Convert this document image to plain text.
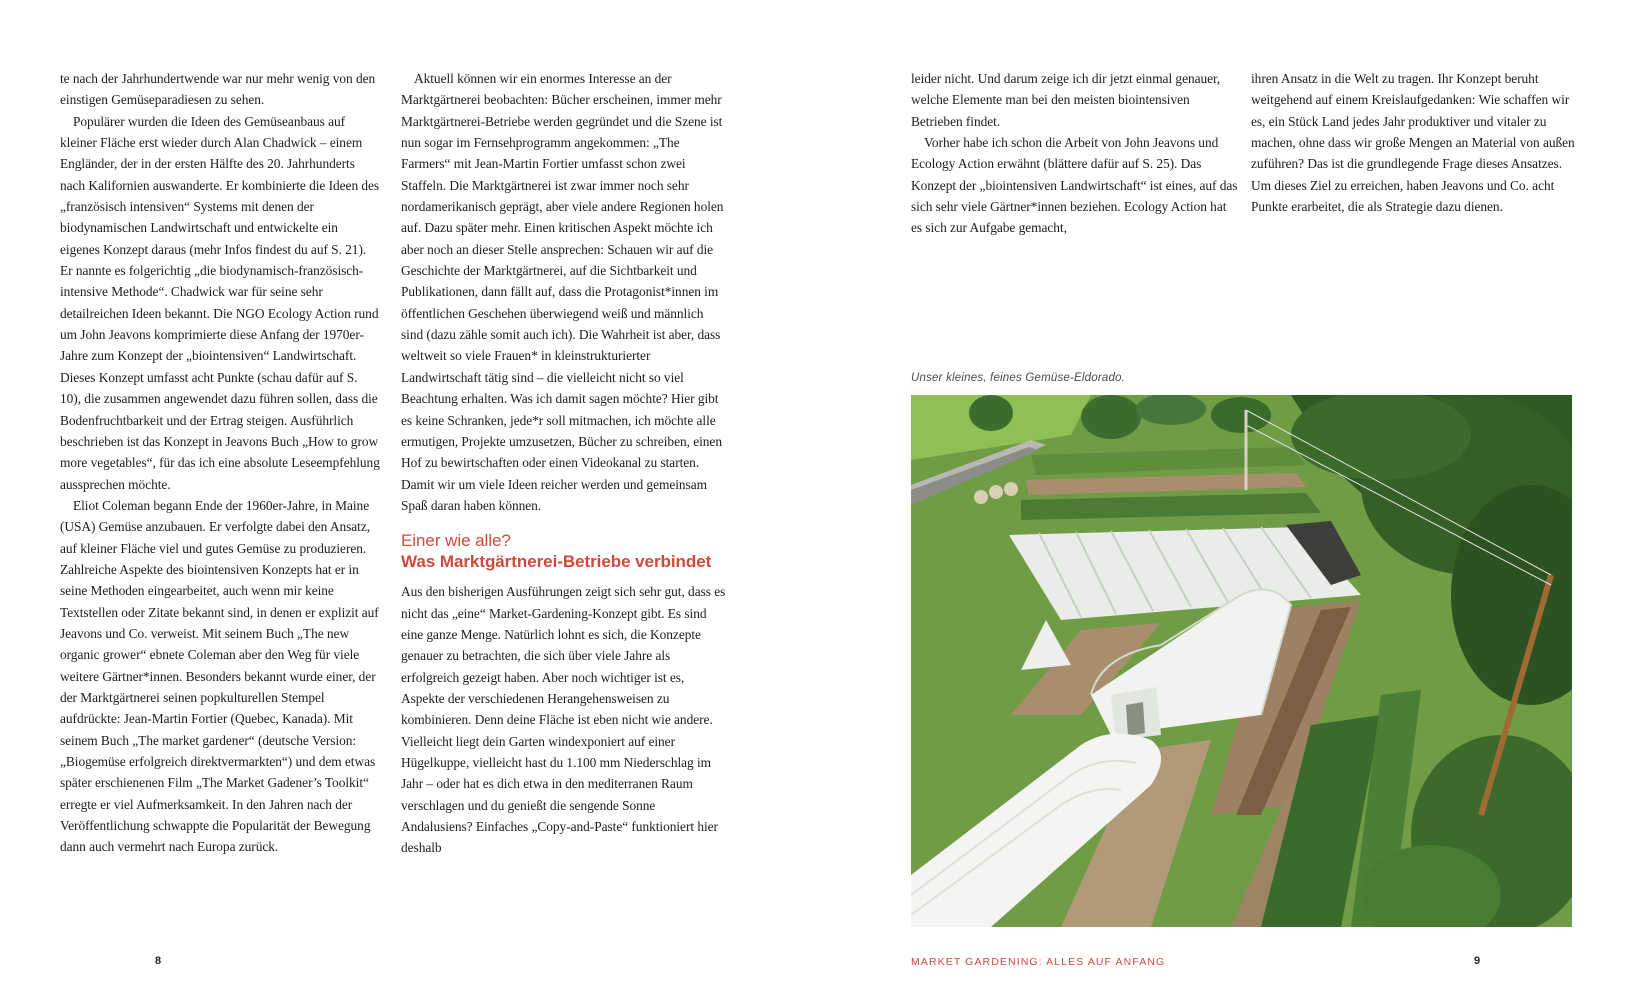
te nach der Jahrhundertwende war nur mehr wenig von den einstigen Gemüseparadiesen zu sehen.

Populärer wurden die Ideen des Gemüseanbaus auf kleiner Fläche erst wieder durch Alan Chadwick – einem Engländer, der in der ersten Hälfte des 20. Jahrhunderts nach Kalifornien auswanderte. Er kombinierte die Ideen des „französisch intensiven“ Systems mit denen der biodynamischen Landwirtschaft und entwickelte ein eigenes Konzept daraus (mehr Infos findest du auf S. 21). Er nannte es folgerichtig „die biodynamisch-französisch-intensive Methode“. Chadwick war für seine sehr detailreichen Ideen bekannt. Die NGO Ecology Action rund um John Jeavons komprimierte diese Anfang der 1970er-Jahre zum Konzept der „biointensiven“ Landwirtschaft. Dieses Konzept umfasst acht Punkte (schau dafür auf S. 10), die zusammen angewendet dazu führen sollen, dass die Bodenfruchtbarkeit und der Ertrag steigen. Ausführlich beschrieben ist das Konzept in Jeavons Buch „How to grow more vegetables“, für das ich eine absolute Leseempfehlung aussprechen möchte.

Eliot Coleman begann Ende der 1960er-Jahre, in Maine (USA) Gemüse anzubauen. Er verfolgte dabei den Ansatz, auf kleiner Fläche viel und gutes Gemüse zu produzieren. Zahlreiche Aspekte des biointensiven Konzepts hat er in seine Methoden eingearbeitet, auch wenn mir keine Textstellen oder Zitate bekannt sind, in denen er explizit auf Jeavons und Co. verweist. Mit seinem Buch „The new organic grower“ ebnete Coleman aber den Weg für viele weitere Gärtner*innen. Besonders bekannt wurde einer, der der Marktgärtnerei seinen popkulturellen Stempel aufdrückte: Jean-Martin Fortier (Quebec, Kanada). Mit seinem Buch „The market gardener“ (deutsche Version: „Biogemüse erfolgreich direktvermarkten“) und dem etwas später erschienenen Film „The Market Gadener’s Toolkit“ erregte er viel Aufmerksamkeit. In den Jahren nach der Veröffentlichung schwappte die Popularität der Bewegung dann auch vermehrt nach Europa zurück.

Aktuell können wir ein enormes Interesse an der Marktgärtnerei beobachten: Bücher erscheinen, immer mehr Marktgärtnerei-Betriebe werden gegründet und die Szene ist nun sogar im Fernsehprogramm angekommen: „The Farmers“ mit Jean-Martin Fortier umfasst schon zwei Staffeln. Die Marktgärtnerei ist zwar immer noch sehr nordamerikanisch geprägt, aber viele andere Regionen holen auf. Dazu später mehr. Einen kritischen Aspekt möchte ich aber noch an dieser Stelle ansprechen: Schauen wir auf die Geschichte der Marktgärtnerei, auf die Sichtbarkeit und Publikationen, dann fällt auf, dass die Protagonist*innen im öffentlichen Geschehen überwiegend weiß und männlich sind (dazu zähle somit auch ich). Die Wahrheit ist aber, dass weltweit so viele Frauen* in kleinstrukturierter Landwirtschaft tätig sind – die vielleicht nicht so viel Beachtung erhalten. Was ich damit sagen möchte? Hier gibt es keine Schranken, jede*r soll mitmachen, ich möchte alle ermutigen, Projekte umzusetzen, Bücher zu schreiben, einen Hof zu bewirtschaften oder einen Videokanal zu starten. Damit wir um viele Ideen reicher werden und gemeinsam Spaß daran haben können.

Einer wie alle?
Was Marktgärtnerei-Betriebe verbindet

Aus den bisherigen Ausführungen zeigt sich sehr gut, dass es nicht das „eine“ Market-Gardening-Konzept gibt. Es sind eine ganze Menge. Natürlich lohnt es sich, die Konzepte genauer zu betrachten, die sich über viele Jahre als erfolgreich gezeigt haben. Aber noch wichtiger ist es, Aspekte der verschiedenen Herangehensweisen zu kombinieren. Denn deine Fläche ist eben nicht wie andere. Vielleicht liegt dein Garten windexponiert auf einer Hügelkuppe, vielleicht hast du 1.100 mm Niederschlag im Jahr – oder hat es dich etwa in den mediterranen Raum verschlagen und du genießt die sengende Sonne Andalusiens? Einfaches „Copy-and-Paste“ funktioniert hier deshalb

8

leider nicht. Und darum zeige ich dir jetzt einmal genauer, welche Elemente man bei den meisten biointensiven Betrieben findet.

Vorher habe ich schon die Arbeit von John Jeavons und Ecology Action erwähnt (blättere dafür auf S. 25). Das Konzept der „biointensiven Landwirtschaft“ ist eines, auf das sich sehr viele Gärtner*innen beziehen. Ecology Action hat es sich zur Aufgabe gemacht,

ihren Ansatz in die Welt zu tragen. Ihr Konzept beruht weitgehend auf einem Kreislaufgedanken: Wie schaffen wir es, ein Stück Land jedes Jahr produktiver und vitaler zu machen, ohne dass wir große Mengen an Material von außen zuführen? Das ist die grundlegende Frage dieses Ansatzes. Um dieses Ziel zu erreichen, haben Jeavons und Co. acht Punkte erarbeitet, die als Strategie dazu dienen.

Unser kleines, feines Gemüse-Eldorado.
MARKET GARDENING: ALLES AUF ANFANG	9
